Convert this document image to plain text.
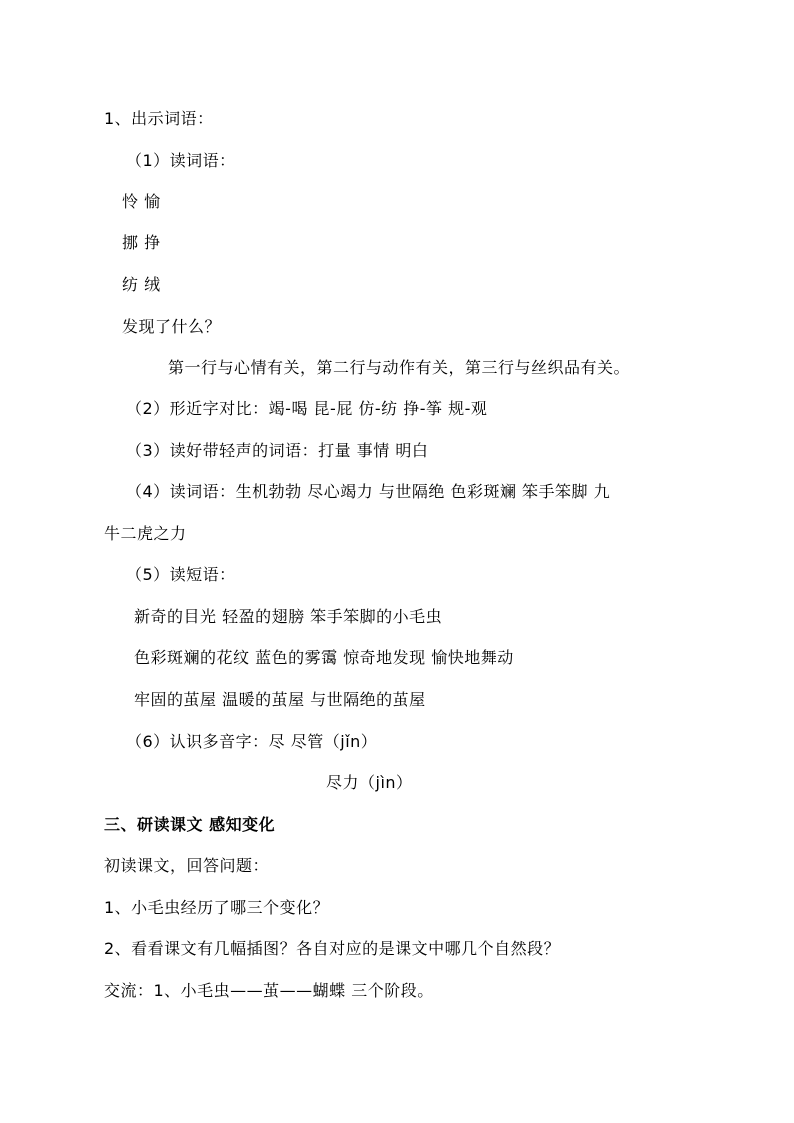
1、出示词语：
（1）读词语：
怜 愉
挪 挣
纺 绒
发现了什么？
第一行与心情有关，第二行与动作有关，第三行与丝织品有关。
（2）形近字对比：竭-喝 昆-屁 仿-纺 挣-筝 规-观
（3）读好带轻声的词语：打量 事情 明白
（4）读词语：生机勃勃 尽心竭力 与世隔绝 色彩斑斓 笨手笨脚 九
牛二虎之力
（5）读短语：
新奇的目光 轻盈的翅膀 笨手笨脚的小毛虫
色彩斑斓的花纹 蓝色的雾霭 惊奇地发现 愉快地舞动
牢固的茧屋 温暖的茧屋 与世隔绝的茧屋
（6）认识多音字：尽 尽管（jǐn）
尽力（jìn）
三、研读课文 感知变化
初读课文，回答问题：
1、小毛虫经历了哪三个变化？
2、看看课文有几幅插图？各自对应的是课文中哪几个自然段？
交流：1、小毛虫——茧——蝴蝶 三个阶段。
